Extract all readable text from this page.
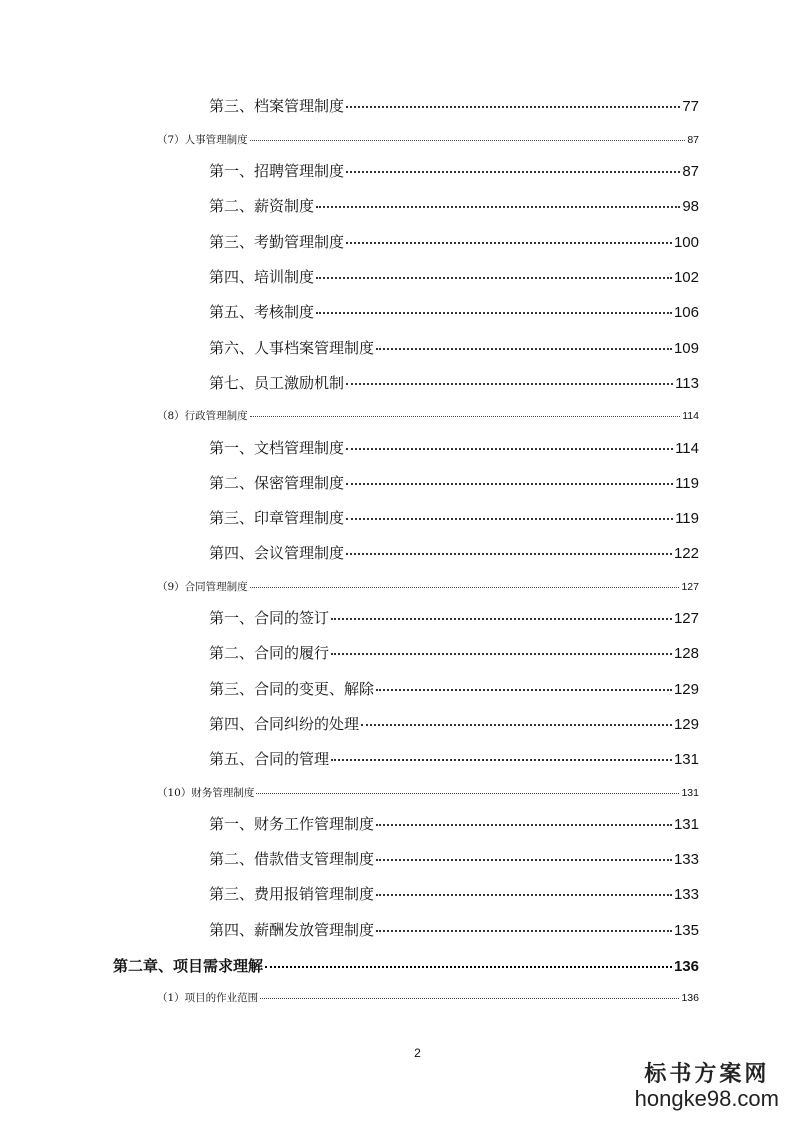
第三、档案管理制度	77
（7）人事管理制度	87
第一、招聘管理制度	87
第二、薪资制度	98
第三、考勤管理制度	100
第四、培训制度	102
第五、考核制度	106
第六、人事档案管理制度	109
第七、员工激励机制	113
（8）行政管理制度	114
第一、文档管理制度	114
第二、保密管理制度	119
第三、印章管理制度	119
第四、会议管理制度	122
（9）合同管理制度	127
第一、合同的签订	127
第二、合同的履行	128
第三、合同的变更、解除	129
第四、合同纠纷的处理	129
第五、合同的管理	131
（10）财务管理制度	131
第一、财务工作管理制度	131
第二、借款借支管理制度	133
第三、费用报销管理制度	133
第四、薪酬发放管理制度	135
第二章、项目需求理解	136
（1）项目的作业范围	136
2
标书方案网
hongke98.com
